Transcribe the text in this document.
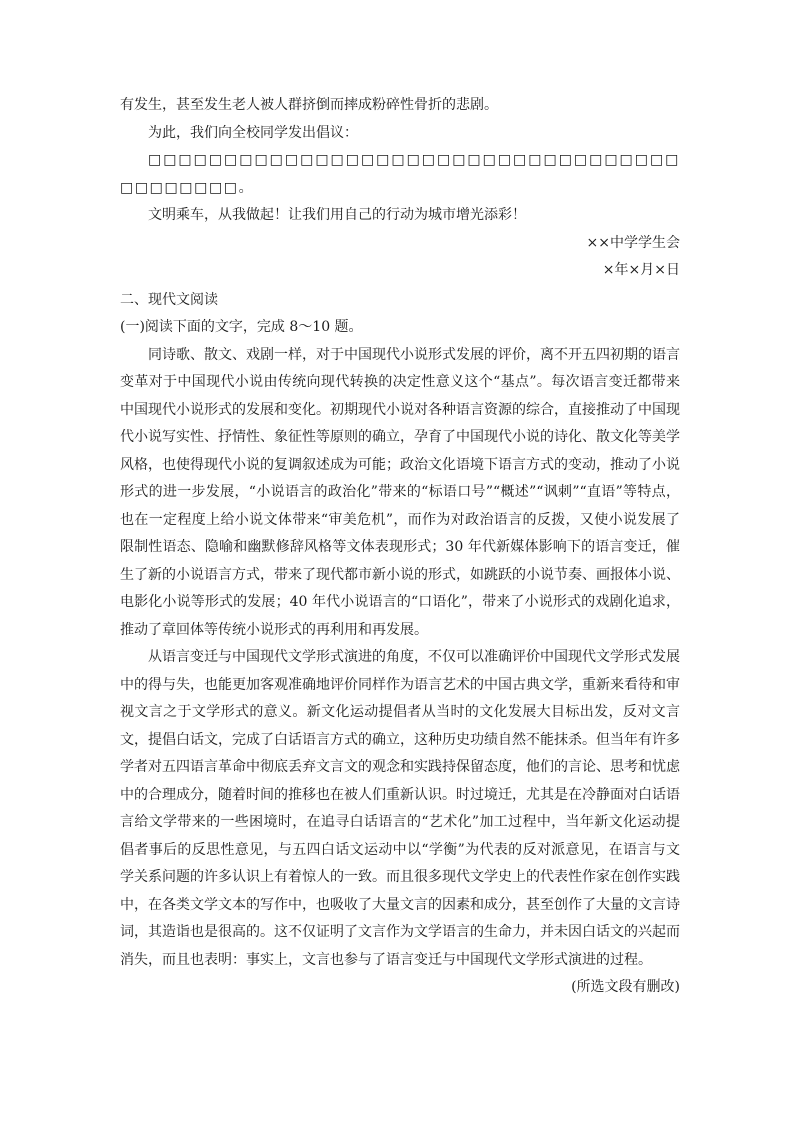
有发生，甚至发生老人被人群挤倒而摔成粉碎性骨折的悲剧。

为此，我们向全校同学发出倡议：

□□□□□□□□□□□□□□□□□□□□□□□□□□□□□□□□□□□□□□□□□□□。

文明乘车，从我做起！让我们用自己的行动为城市增光添彩！

××中学学生会

×年×月×日

二、现代文阅读

(一)阅读下面的文字，完成 8～10 题。

同诗歌、散文、戏剧一样，对于中国现代小说形式发展的评价，离不开五四初期的语言变革对于中国现代小说由传统向现代转换的决定性意义这个“基点”。每次语言变迁都带来中国现代小说形式的发展和变化。初期现代小说对各种语言资源的综合，直接推动了中国现代小说写实性、抒情性、象征性等原则的确立，孕育了中国现代小说的诗化、散文化等美学风格，也使得现代小说的复调叙述成为可能；政治文化语境下语言方式的变动，推动了小说形式的进一步发展，“小说语言的政治化”带来的“标语口号”“概述”“讽刺”“直语”等特点，也在一定程度上给小说文体带来“审美危机”，而作为对政治语言的反拨，又使小说发展了限制性语态、隐喻和幽默修辞风格等文体表现形式；30 年代新媒体影响下的语言变迁，催生了新的小说语言方式，带来了现代都市新小说的形式，如跳跃的小说节奏、画报体小说、电影化小说等形式的发展；40 年代小说语言的“口语化”，带来了小说形式的戏剧化追求，推动了章回体等传统小说形式的再利用和再发展。

从语言变迁与中国现代文学形式演进的角度，不仅可以准确评价中国现代文学形式发展中的得与失，也能更加客观准确地评价同样作为语言艺术的中国古典文学，重新来看待和审视文言之于文学形式的意义。新文化运动提倡者从当时的文化发展大目标出发，反对文言文，提倡白话文，完成了白话语言方式的确立，这种历史功绩自然不能抹杀。但当年有许多学者对五四语言革命中彻底丢弃文言文的观念和实践持保留态度，他们的言论、思考和忧虑中的合理成分，随着时间的推移也在被人们重新认识。时过境迁，尤其是在冷静面对白话语言给文学带来的一些困境时，在追寻白话语言的“艺术化”加工过程中，当年新文化运动提倡者事后的反思性意见，与五四白话文运动中以“学衡”为代表的反对派意见，在语言与文学关系问题的许多认识上有着惊人的一致。而且很多现代文学史上的代表性作家在创作实践中，在各类文学文本的写作中，也吸收了大量文言的因素和成分，甚至创作了大量的文言诗词，其造诣也是很高的。这不仅证明了文言作为文学语言的生命力，并未因白话文的兴起而消失，而且也表明：事实上，文言也参与了语言变迁与中国现代文学形式演进的过程。

(所选文段有删改)
